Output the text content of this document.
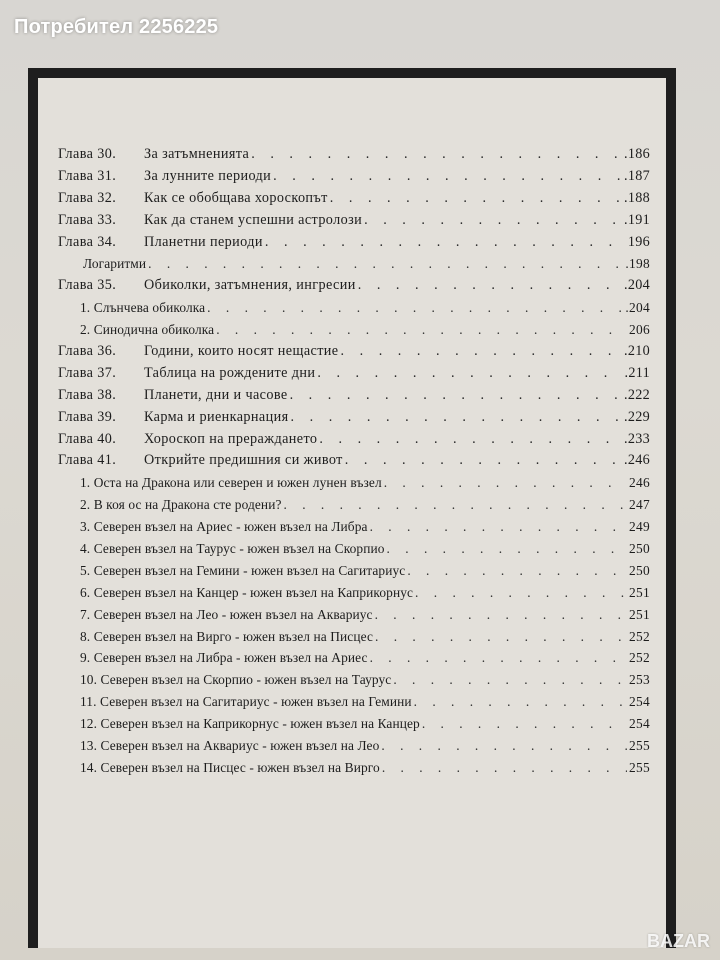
Потребител 2256225
Глава 30. За затъмненията . . .	.186
Глава 31. За лунните периоди . . .	.187
Глава 32. Как се обобщава хороскопът . . .	.188
Глава 33. Как да станем успешни астролози . . .	.191
Глава 34. Планетни периоди . . .	196
Логаритми . . .	.198
Глава 35. Обиколки, затъмнения, ингресии . . .	.204
1. Слънчева обиколка . . .	.204
2. Синодична обиколка . . .	206
Глава 36. Години, които носят нещастие . . .	.210
Глава 37. Таблица на рождените дни . . .	.211
Глава 38. Планети, дни и часове . . .	.222
Глава 39. Карма и риенкарнация . . .	.229
Глава 40. Хороскоп на прераждането . . .	.233
Глава 41. Открийте предишния си живот . . .	.246
1. Оста на Дракона или северен и южен лунен възел . . .	246
2. В коя ос на Дракона сте родени? . . .	247
3. Северен възел на Ариес - южен възел на Либра . . .	249
4. Северен възел на Таурус - южен възел на Скорпио . . .	250
5. Северен възел на Гемини - южен възел на Сагитариус . . .	250
6. Северен възел на Канцер - южен възел на Каприкорнус . . .	251
7. Северен възел на Лео - южен възел на Аквариус . . .	251
8. Северен възел на Вирго - южен възел на Писцес . . .	252
9. Северен възел на Либра - южен възел на Ариес . . .	252
10. Северен възел на Скорпио - южен възел на Таурус . . .	253
11. Северен възел на Сагитариус - южен възел на Гемини . . .	254
12. Северен възел на Каприкорнус - южен възел на Канцер . . .	254
13. Северен възел на Аквариус - южен възел на Лео . . .	255
14. Северен възел на Писцес - южен възел на Вирго . . .	255
BAZAR
